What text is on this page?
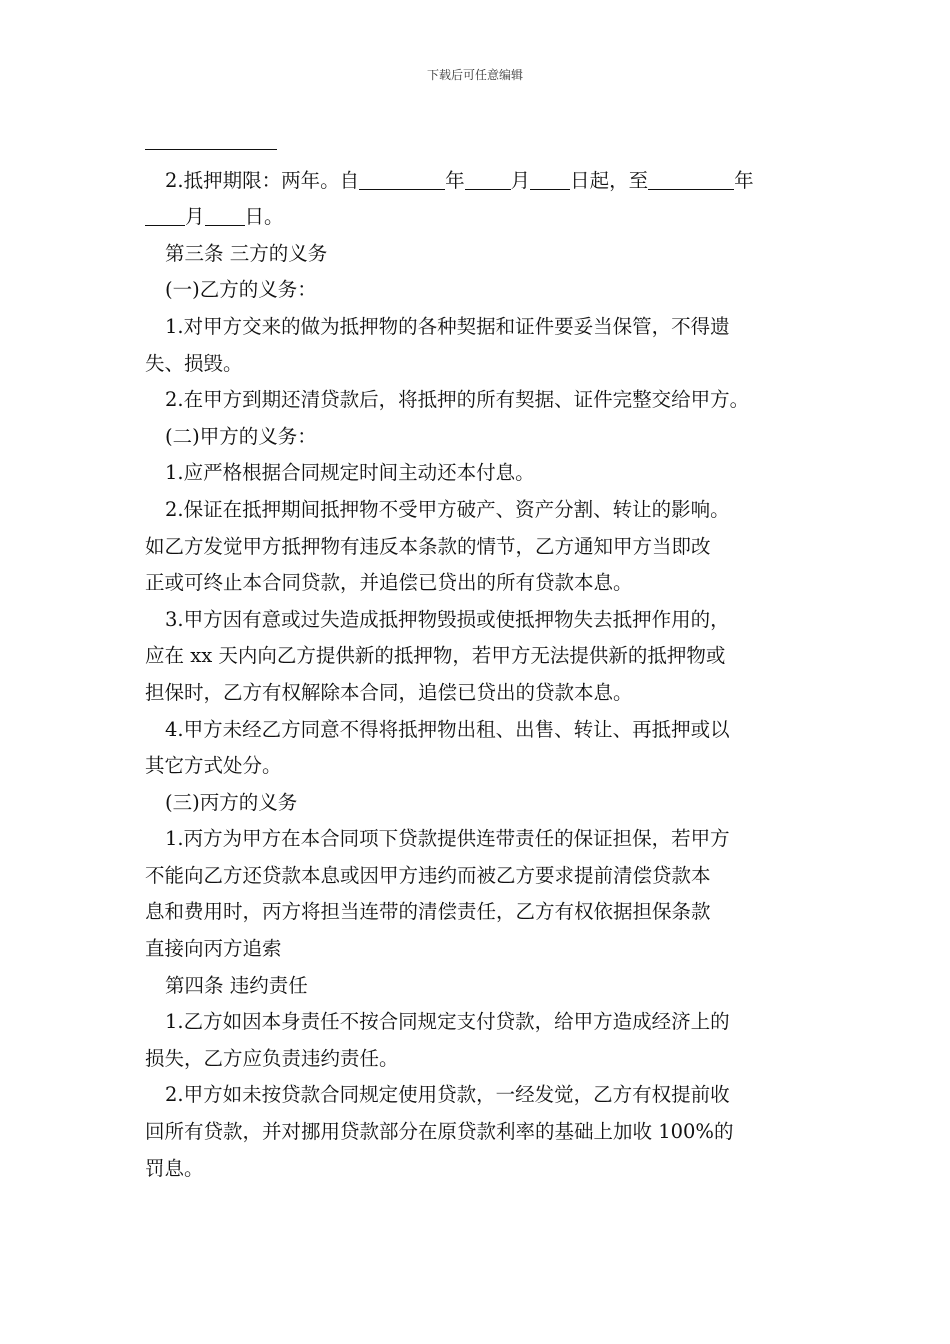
下载后可任意编辑
2.抵押期限：两年。自	年 月 日起，至	年
月 日。
第三条 三方的义务
(一)乙方的义务：
1.对甲方交来的做为抵押物的各种契据和证件要妥当保管，不得遗
失、损毁。
2.在甲方到期还清贷款后，将抵押的所有契据、证件完整交给甲方。
(二)甲方的义务：
1.应严格根据合同规定时间主动还本付息。
2.保证在抵押期间抵押物不受甲方破产、资产分割、转让的影响。
如乙方发觉甲方抵押物有违反本条款的情节，乙方通知甲方当即改
正或可终止本合同贷款，并追偿已贷出的所有贷款本息。
3.甲方因有意或过失造成抵押物毁损或使抵押物失去抵押作用的，
应在 xx 天内向乙方提供新的抵押物，若甲方无法提供新的抵押物或
担保时，乙方有权解除本合同，追偿已贷出的贷款本息。
4.甲方未经乙方同意不得将抵押物出租、出售、转让、再抵押或以
其它方式处分。
(三)丙方的义务
1.丙方为甲方在本合同项下贷款提供连带责任的保证担保，若甲方
不能向乙方还贷款本息或因甲方违约而被乙方要求提前清偿贷款本
息和费用时，丙方将担当连带的清偿责任，乙方有权依据担保条款
直接向丙方追索
第四条 违约责任
1.乙方如因本身责任不按合同规定支付贷款，给甲方造成经济上的
损失，乙方应负责违约责任。
2.甲方如未按贷款合同规定使用贷款，一经发觉，乙方有权提前收
回所有贷款，并对挪用贷款部分在原贷款利率的基础上加收 100%的
罚息。
